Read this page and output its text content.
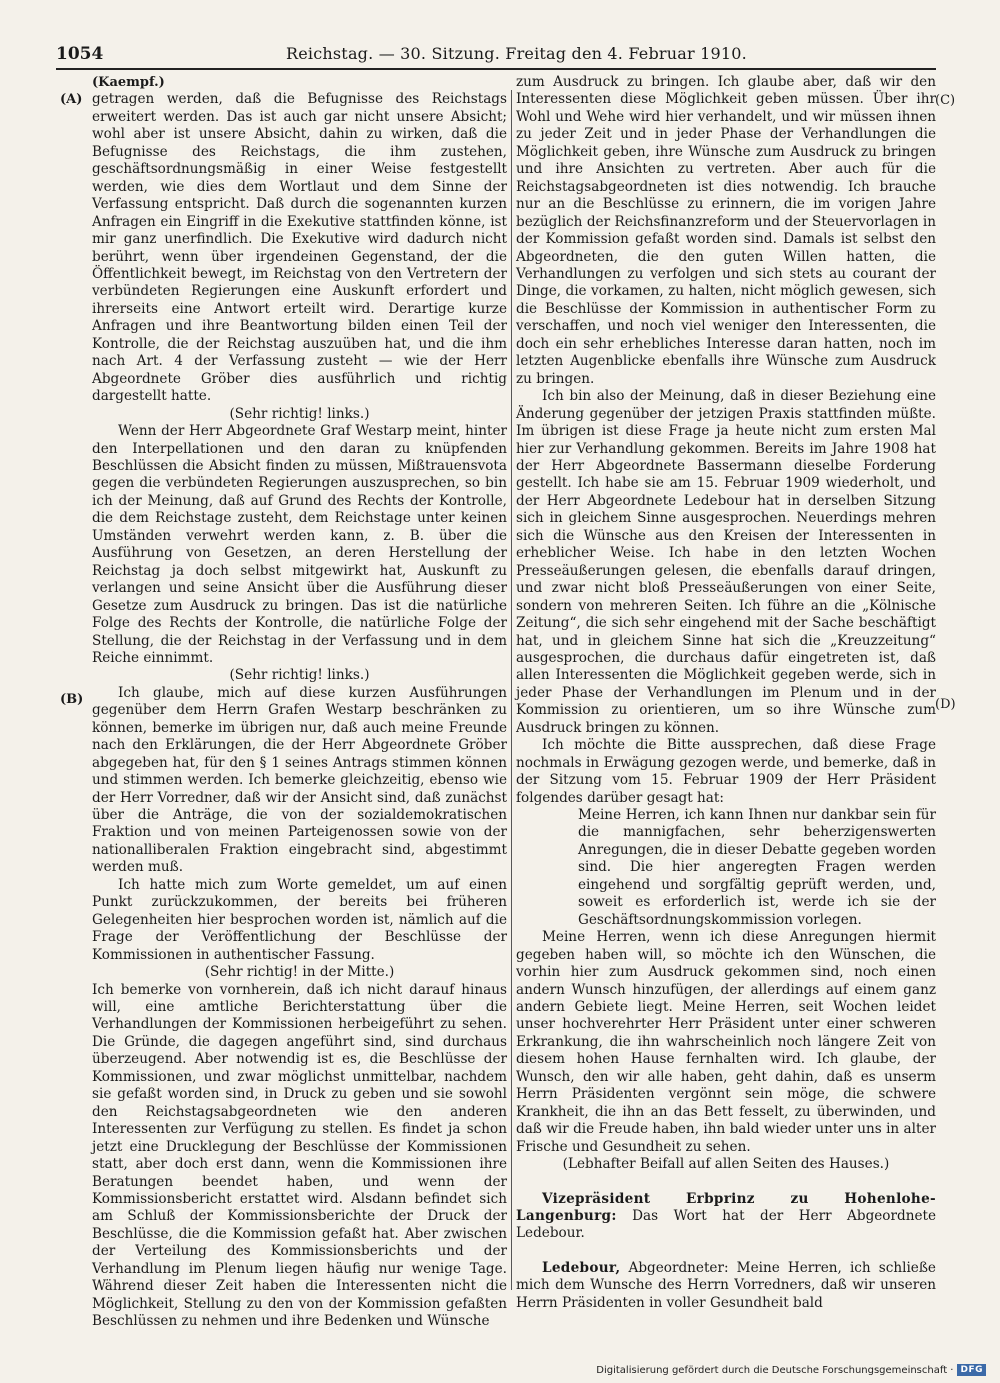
1054	Reichstag. — 30. Sitzung. Freitag den 4. Februar 1910.
(A)
(B)
(C)
(D)

(Kaempf.)

getragen werden, daß die Befugnisse des Reichstags erweitert werden. Das ist auch gar nicht unsere Absicht; wohl aber ist unsere Absicht, dahin zu wirken, daß die Befugnisse des Reichstags, die ihm zustehen, geschäftsordnungsmäßig in einer Weise festgestellt werden, wie dies dem Wortlaut und dem Sinne der Verfassung entspricht. Daß durch die sogenannten kurzen Anfragen ein Eingriff in die Exekutive stattfinden könne, ist mir ganz unerfindlich. Die Exekutive wird dadurch nicht berührt, wenn über irgendeinen Gegenstand, der die Öffentlichkeit bewegt, im Reichstag von den Vertretern der verbündeten Regierungen eine Auskunft erfordert und ihrerseits eine Antwort erteilt wird. Derartige kurze Anfragen und ihre Beantwortung bilden einen Teil der Kontrolle, die der Reichstag auszuüben hat, und die ihm nach Art. 4 der Verfassung zusteht — wie der Herr Abgeordnete Gröber dies ausführlich und richtig dargestellt hatte.

(Sehr richtig! links.)

Wenn der Herr Abgeordnete Graf Westarp meint, hinter den Interpellationen und den daran zu knüpfenden Beschlüssen die Absicht finden zu müssen, Mißtrauensvota gegen die verbündeten Regierungen auszusprechen, so bin ich der Meinung, daß auf Grund des Rechts der Kontrolle, die dem Reichstage zusteht, dem Reichstage unter keinen Umständen verwehrt werden kann, z. B. über die Ausführung von Gesetzen, an deren Herstellung der Reichstag ja doch selbst mitgewirkt hat, Auskunft zu verlangen und seine Ansicht über die Ausführung dieser Gesetze zum Ausdruck zu bringen. Das ist die natürliche Folge des Rechts der Kontrolle, die natürliche Folge der Stellung, die der Reichstag in der Verfassung und in dem Reiche einnimmt.

(Sehr richtig! links.)

Ich glaube, mich auf diese kurzen Ausführungen gegenüber dem Herrn Grafen Westarp beschränken zu können, bemerke im übrigen nur, daß auch meine Freunde nach den Erklärungen, die der Herr Abgeordnete Gröber abgegeben hat, für den § 1 seines Antrags stimmen können und stimmen werden. Ich bemerke gleichzeitig, ebenso wie der Herr Vorredner, daß wir der Ansicht sind, daß zunächst über die Anträge, die von der sozialdemokratischen Fraktion und von meinen Parteigenossen sowie von der nationalliberalen Fraktion eingebracht sind, abgestimmt werden muß.

Ich hatte mich zum Worte gemeldet, um auf einen Punkt zurückzukommen, der bereits bei früheren Gelegenheiten hier besprochen worden ist, nämlich auf die Frage der Veröffentlichung der Beschlüsse der Kommissionen in authentischer Fassung.

(Sehr richtig! in der Mitte.)

Ich bemerke von vornherein, daß ich nicht darauf hinaus will, eine amtliche Berichterstattung über die Verhandlungen der Kommissionen herbeigeführt zu sehen. Die Gründe, die dagegen angeführt sind, sind durchaus überzeugend. Aber notwendig ist es, die Beschlüsse der Kommissionen, und zwar möglichst unmittelbar, nachdem sie gefaßt worden sind, in Druck zu geben und sie sowohl den Reichstagsabgeordneten wie den anderen Interessenten zur Verfügung zu stellen. Es findet ja schon jetzt eine Drucklegung der Beschlüsse der Kommissionen statt, aber doch erst dann, wenn die Kommissionen ihre Beratungen beendet haben, und wenn der Kommissionsbericht erstattet wird. Alsdann befindet sich am Schluß der Kommissionsberichte der Druck der Beschlüsse, die die Kommission gefaßt hat. Aber zwischen der Verteilung des Kommissionsberichts und der Verhandlung im Plenum liegen häufig nur wenige Tage. Während dieser Zeit haben die Interessenten nicht die Möglichkeit, Stellung zu den von der Kommission gefaßten Beschlüssen zu nehmen und ihre Bedenken und Wünsche

zum Ausdruck zu bringen. Ich glaube aber, daß wir den Interessenten diese Möglichkeit geben müssen. Über ihr Wohl und Wehe wird hier verhandelt, und wir müssen ihnen zu jeder Zeit und in jeder Phase der Verhandlungen die Möglichkeit geben, ihre Wünsche zum Ausdruck zu bringen und ihre Ansichten zu vertreten. Aber auch für die Reichstagsabgeordneten ist dies notwendig. Ich brauche nur an die Beschlüsse zu erinnern, die im vorigen Jahre bezüglich der Reichsfinanzreform und der Steuervorlagen in der Kommission gefaßt worden sind. Damals ist selbst den Abgeordneten, die den guten Willen hatten, die Verhandlungen zu verfolgen und sich stets au courant der Dinge, die vorkamen, zu halten, nicht möglich gewesen, sich die Beschlüsse der Kommission in authentischer Form zu verschaffen, und noch viel weniger den Interessenten, die doch ein sehr erhebliches Interesse daran hatten, noch im letzten Augenblicke ebenfalls ihre Wünsche zum Ausdruck zu bringen.

Ich bin also der Meinung, daß in dieser Beziehung eine Änderung gegenüber der jetzigen Praxis stattfinden müßte. Im übrigen ist diese Frage ja heute nicht zum ersten Mal hier zur Verhandlung gekommen. Bereits im Jahre 1908 hat der Herr Abgeordnete Bassermann dieselbe Forderung gestellt. Ich habe sie am 15. Februar 1909 wiederholt, und der Herr Abgeordnete Ledebour hat in derselben Sitzung sich in gleichem Sinne ausgesprochen. Neuerdings mehren sich die Wünsche aus den Kreisen der Interessenten in erheblicher Weise. Ich habe in den letzten Wochen Presseäußerungen gelesen, die ebenfalls darauf dringen, und zwar nicht bloß Presseäußerungen von einer Seite, sondern von mehreren Seiten. Ich führe an die „Kölnische Zeitung“, die sich sehr eingehend mit der Sache beschäftigt hat, und in gleichem Sinne hat sich die „Kreuzzeitung“ ausgesprochen, die durchaus dafür eingetreten ist, daß allen Interessenten die Möglichkeit gegeben werde, sich in jeder Phase der Verhandlungen im Plenum und in der Kommission zu orientieren, um so ihre Wünsche zum Ausdruck bringen zu können.

Ich möchte die Bitte aussprechen, daß diese Frage nochmals in Erwägung gezogen werde, und bemerke, daß in der Sitzung vom 15. Februar 1909 der Herr Präsident folgendes darüber gesagt hat:

Meine Herren, ich kann Ihnen nur dankbar sein für die mannigfachen, sehr beherzigenswerten Anregungen, die in dieser Debatte gegeben worden sind. Die hier angeregten Fragen werden eingehend und sorgfältig geprüft werden, und, soweit es erforderlich ist, werde ich sie der Geschäftsordnungskommission vorlegen.

Meine Herren, wenn ich diese Anregungen hiermit gegeben haben will, so möchte ich den Wünschen, die vorhin hier zum Ausdruck gekommen sind, noch einen andern Wunsch hinzufügen, der allerdings auf einem ganz andern Gebiete liegt. Meine Herren, seit Wochen leidet unser hochverehrter Herr Präsident unter einer schweren Erkrankung, die ihn wahrscheinlich noch längere Zeit von diesem hohen Hause fernhalten wird. Ich glaube, der Wunsch, den wir alle haben, geht dahin, daß es unserm Herrn Präsidenten vergönnt sein möge, die schwere Krankheit, die ihn an das Bett fesselt, zu überwinden, und daß wir die Freude haben, ihn bald wieder unter uns in alter Frische und Gesundheit zu sehen.

(Lebhafter Beifall auf allen Seiten des Hauses.)

Vizepräsident Erbprinz zu Hohenlohe-Langenburg: Das Wort hat der Herr Abgeordnete Ledebour.

Ledebour, Abgeordneter: Meine Herren, ich schließe mich dem Wunsche des Herrn Vorredners, daß wir unseren Herrn Präsidenten in voller Gesundheit bald

Digitalisierung gefördert durch die Deutsche Forschungsgemeinschaft · DFG
